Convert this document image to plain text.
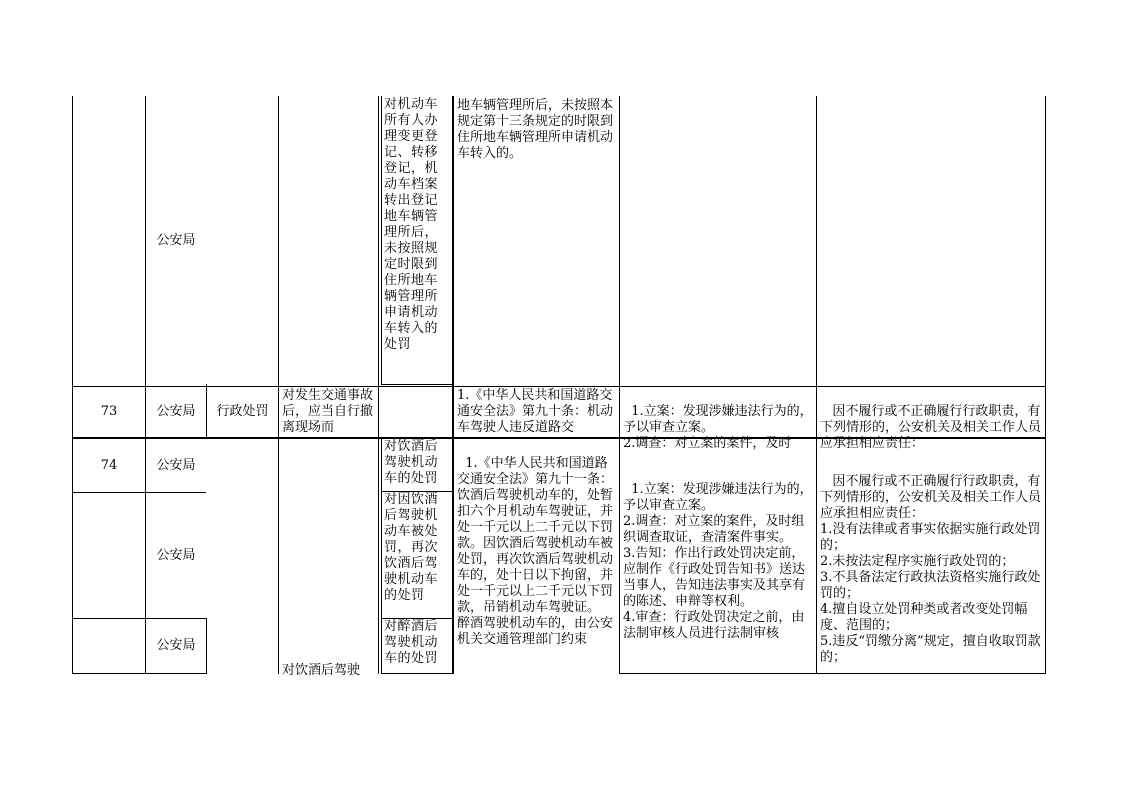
公安局
对机动车所有人办理变更登记、转移登记，机动车档案转出登记地车辆管理所后，未按照规定时限到住所地车辆管理所申请机动车转入的处罚
地车辆管理所后，未按照本规定第十三条规定的时限到住所地车辆管理所申请机动车转入的。
73	公安局 行政处罚
对发生交通事故后，应当自行撤离现场而
1.《中华人民共和国道路交通安全法》第九十条：机动车驾驶人违反道路交

1.立案：发现涉嫌违法行为的，予以审查立案。
2.调查：对立案的案件，及时

因不履行或不正确履行行政职责，有下列情形的，公安机关及相关工作人员应承担相应责任：

74	公安局
公安局
公安局
对饮酒后驾驶
对饮酒后驾驶机动车的处罚
对因饮酒后驾驶机动车被处罚，再次饮酒后驾驶机动车的处罚
对醉酒后驾驶机动车的处罚

1.《中华人民共和国道路交通安全法》第九十一条：饮酒后驾驶机动车的，处暂扣六个月机动车驾驶证，并处一千元以上二千元以下罚款。因饮酒后驾驶机动车被处罚，再次饮酒后驾驶机动车的，处十日以下拘留，并处一千元以上二千元以下罚款，吊销机动车驾驶证。
醉酒驾驶机动车的，由公安机关交通管理部门约束

1.立案：发现涉嫌违法行为的，予以审查立案。
2.调查：对立案的案件，及时组织调查取证，查清案件事实。
3.告知：作出行政处罚决定前，应制作《行政处罚告知书》送达当事人，告知违法事实及其享有的陈述、申辩等权利。
4.审查：行政处罚决定之前，由法制审核人员进行法制审核

因不履行或不正确履行行政职责，有下列情形的，公安机关及相关工作人员应承担相应责任：
1.没有法律或者事实依据实施行政处罚的；
2.未按法定程序实施行政处罚的；
3.不具备法定行政执法资格实施行政处罚的；
4.擅自设立处罚种类或者改变处罚幅度、范围的；
5.违反“罚缴分离”规定，擅自收取罚款的；
